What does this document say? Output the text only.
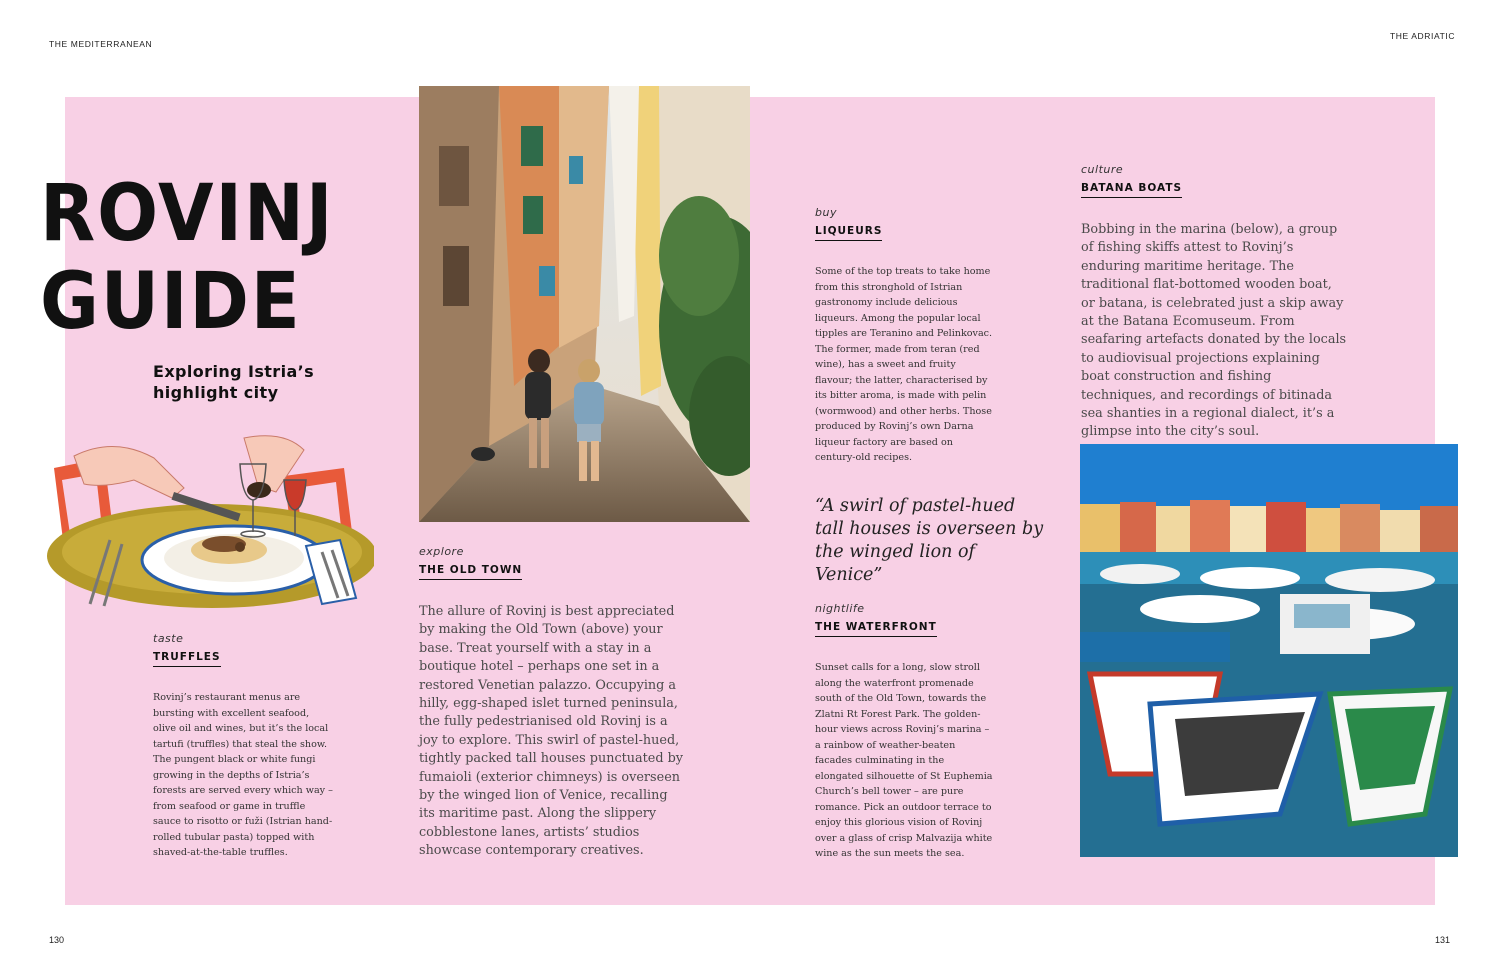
THE MEDITERRANEAN
THE ADRIATIC
130	131
ROVINJ
GUIDE
Exploring Istria’s
highlight city
taste
TRUFFLES
Rovinj’s restaurant menus are bursting with excellent seafood, olive oil and wines, but it’s the local tartufi (truffles) that steal the show. The pungent black or white fungi growing in the depths of Istria’s forests are served every which way – from seafood or game in truffle sauce to risotto or fuži (Istrian hand-rolled tubular pasta) topped with shaved-at-the-table truffles.
explore
THE OLD TOWN
The allure of Rovinj is best appreciated by making the Old Town (above) your base. Treat yourself with a stay in a boutique hotel – perhaps one set in a restored Venetian palazzo. Occupying a hilly, egg-shaped islet turned peninsula, the fully pedestrianised old Rovinj is a joy to explore. This swirl of pastel-hued, tightly packed tall houses punctuated by fumaioli (exterior chimneys) is overseen by the winged lion of Venice, recalling its maritime past. Along the slippery cobblestone lanes, artists’ studios showcase contemporary creatives.
buy
LIQUEURS
Some of the top treats to take home from this stronghold of Istrian gastronomy include delicious liqueurs. Among the popular local tipples are Teranino and Pelinkovac. The former, made from teran (red wine), has a sweet and fruity flavour; the latter, characterised by its bitter aroma, is made with pelin (wormwood) and other herbs. Those produced by Rovinj’s own Darna liqueur factory are based on century-old recipes.
“A swirl of pastel-hued tall houses is overseen by the winged lion of Venice”
nightlife
THE WATERFRONT
Sunset calls for a long, slow stroll along the waterfront promenade south of the Old Town, towards the Zlatni Rt Forest Park. The golden-hour views across Rovinj’s marina – a rainbow of weather-beaten facades culminating in the elongated silhouette of St Euphemia Church’s bell tower – are pure romance. Pick an outdoor terrace to enjoy this glorious vision of Rovinj over a glass of crisp Malvazija white wine as the sun meets the sea.
culture
BATANA BOATS
Bobbing in the marina (below), a group of fishing skiffs attest to Rovinj’s enduring maritime heritage. The traditional flat-bottomed wooden boat, or batana, is celebrated just a skip away at the Batana Ecomuseum. From seafaring artefacts donated by the locals to audiovisual projections explaining boat construction and fishing techniques, and recordings of bitinada sea shanties in a regional dialect, it’s a glimpse into the city’s soul.
